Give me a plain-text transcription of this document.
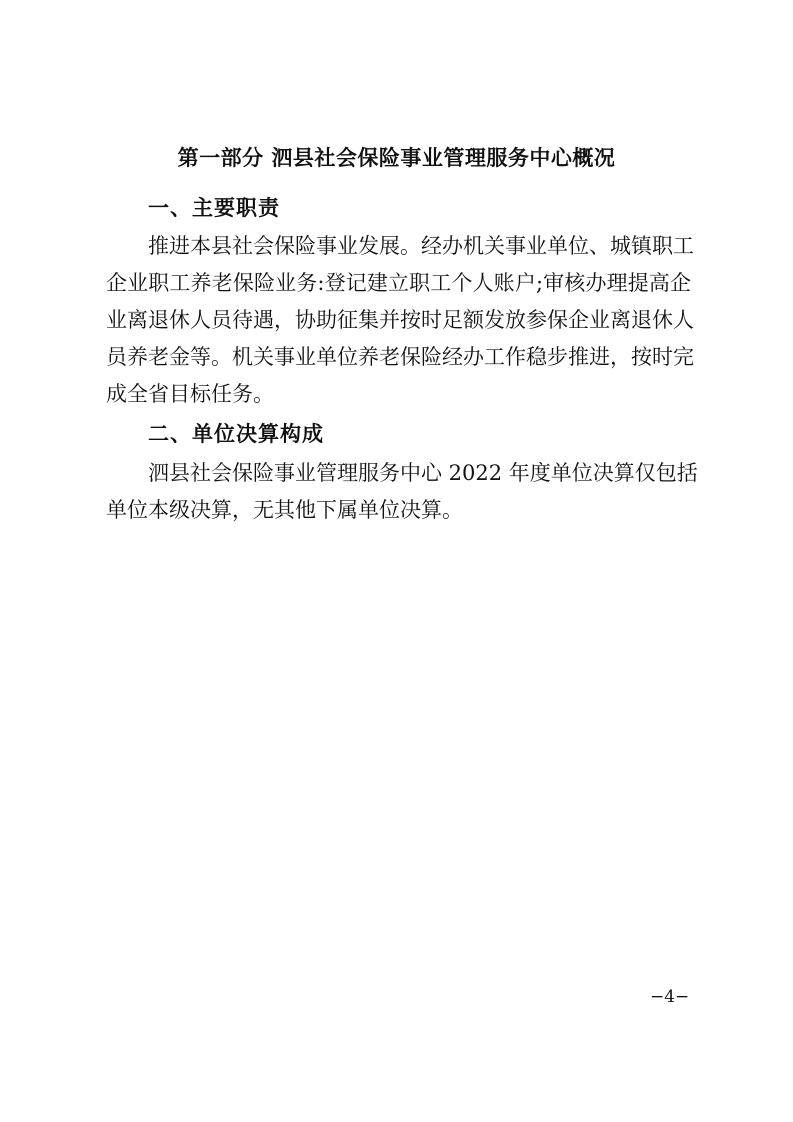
第一部分 泗县社会保险事业管理服务中心概况
一、主要职责
推进本县社会保险事业发展。经办机关事业单位、城镇职工
企业职工养老保险业务:登记建立职工个人账户;审核办理提高企
业离退休人员待遇，协助征集并按时足额发放参保企业离退休人
员养老金等。机关事业单位养老保险经办工作稳步推进，按时完
成全省目标任务。
二、单位决算构成
泗县社会保险事业管理服务中心 2022 年度单位决算仅包括
单位本级决算，无其他下属单位决算。
−4−
